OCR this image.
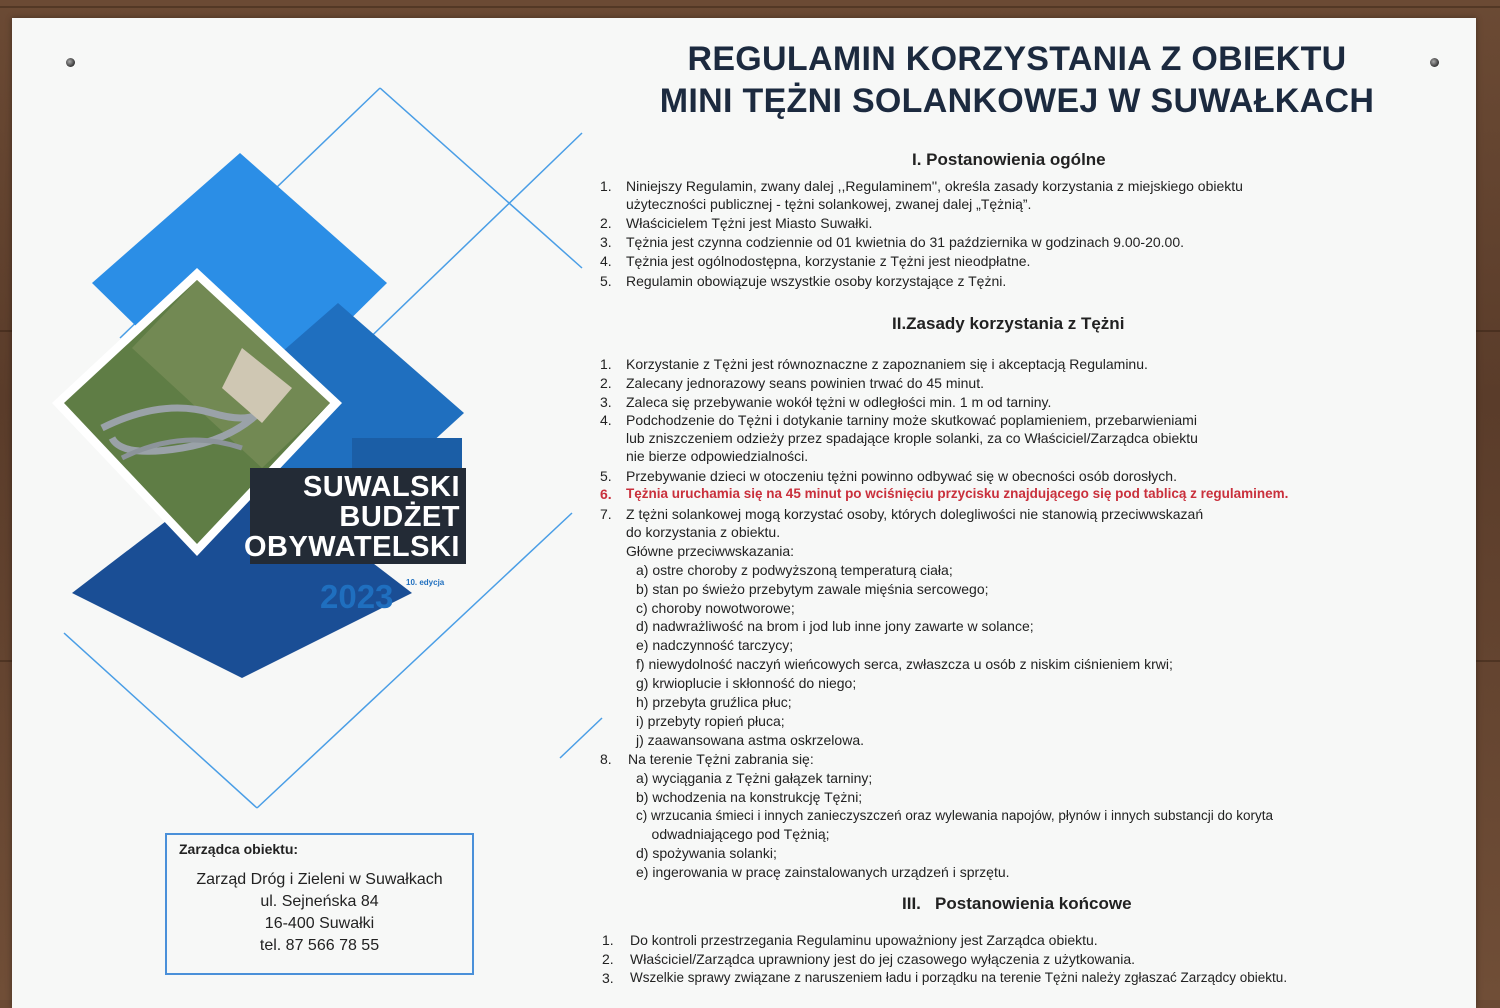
SUWALSKI
BUDŻET
OBYWATELSKI
2023 10. edycja
Zarządca obiektu:
Zarząd Dróg i Zieleni w Suwałkach
ul. Sejneńska 84
16-400 Suwałki
tel. 87 566 78 55
REGULAMIN KORZYSTANIA Z OBIEKTU
MINI TĘŻNI SOLANKOWEJ W SUWAŁKACH
I. Postanowienia ogólne
1. Niniejszy Regulamin, zwany dalej ,,Regulaminem'', określa zasady korzystania z miejskiego obiektu
użyteczności publicznej - tężni solankowej, zwanej dalej „Tężnią”.
2. Właścicielem Tężni jest Miasto Suwałki.
3. Tężnia jest czynna codziennie od 01 kwietnia do 31 października w godzinach 9.00-20.00.
4. Tężnia jest ogólnodostępna, korzystanie z Tężni jest nieodpłatne.
5. Regulamin obowiązuje wszystkie osoby korzystające z Tężni.
II.Zasady korzystania z Tężni
1. Korzystanie z Tężni jest równoznaczne z zapoznaniem się i akceptacją Regulaminu.
2. Zalecany jednorazowy seans powinien trwać do 45 minut.
3. Zaleca się przebywanie wokół tężni w odległości min. 1 m od tarniny.
4. Podchodzenie do Tężni i dotykanie tarniny może skutkować poplamieniem, przebarwieniami
lub zniszczeniem odzieży przez spadające krople solanki, za co Właściciel/Zarządca obiektu
nie bierze odpowiedzialności.
5. Przebywanie dzieci w otoczeniu tężni powinno odbywać się w obecności osób dorosłych.
6. Tężnia uruchamia się na 45 minut po wciśnięciu przycisku znajdującego się pod tablicą z regulaminem.
7. Z tężni solankowej mogą korzystać osoby, których dolegliwości nie stanowią przeciwwskazań
do korzystania z obiektu.
Główne przeciwwskazania:
a) ostre choroby z podwyższoną temperaturą ciała;
b) stan po świeżo przebytym zawale mięśnia sercowego;
c) choroby nowotworowe;
d) nadwrażliwość na brom i jod lub inne jony zawarte w solance;
e) nadczynność tarczycy;
f) niewydolność naczyń wieńcowych serca, zwłaszcza u osób z niskim ciśnieniem krwi;
g) krwioplucie i skłonność do niego;
h) przebyta gruźlica płuc;
i) przebyty ropień płuca;
j) zaawansowana astma oskrzelowa.
8. Na terenie Tężni zabrania się:
a) wyciągania z Tężni gałązek tarniny;
b) wchodzenia na konstrukcję Tężni;
c) wrzucania śmieci i innych zanieczyszczeń oraz wylewania napojów, płynów i innych substancji do koryta
odwadniającego pod Tężnią;
d) spożywania solanki;
e) ingerowania w pracę zainstalowanych urządzeń i sprzętu.
III.   Postanowienia końcowe
1. Do kontroli przestrzegania Regulaminu upoważniony jest Zarządca obiektu.
2. Właściciel/Zarządca uprawniony jest do jej czasowego wyłączenia z użytkowania.
3. Wszelkie sprawy związane z naruszeniem ładu i porządku na terenie Tężni należy zgłaszać Zarządcy obiektu.
